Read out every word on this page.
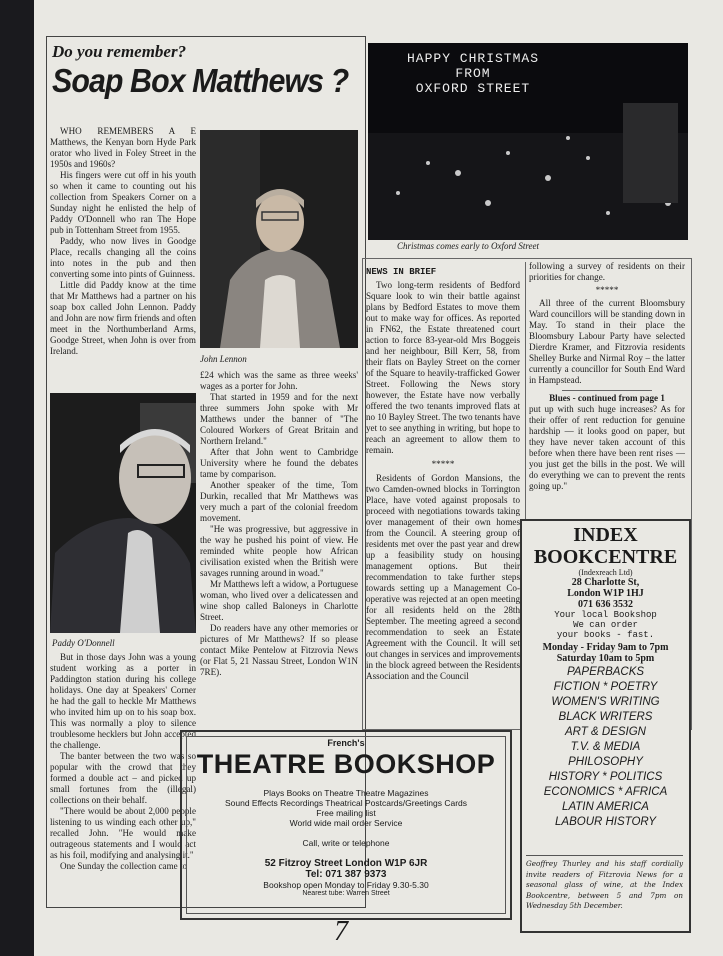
Do you remember?
Soap Box Matthews ?

WHO REMEMBERS A E Matthews, the Kenyan born Hyde Park orator who lived in Foley Street in the 1950s and 1960s?

His fingers were cut off in his youth so when it came to counting out his collection from Speakers Corner on a Sunday night he enlisted the help of Paddy O'Donnell who ran The Hope pub in Tottenham Street from 1955.

Paddy, who now lives in Goodge Place, recalls changing all the coins into notes in the pub and then converting some into pints of Guinness.

Little did Paddy know at the time that Mr Matthews had a partner on his soap box called John Lennon. Paddy and John are now firm friends and often meet in the Northumberland Arms, Goodge Street, when John is over from Ireland.

John Lennon
Paddy O'Donnell

But in those days John was a young student working as a porter in Paddington station during his college holidays. One day at Speakers' Corner he had the gall to heckle Mr Matthews who invited him up on to his soap box. This was normally a ploy to silence troublesome hecklers but John accepted the challenge.

The banter between the two was so popular with the crowd that they formed a double act – and picked up small fortunes from the (illegal) collections on their behalf.

"There would be about 2,000 people listening to us winding each other up," recalled John. "He would make outrageous statements and I would act as his foil, modifying and analysing it."

One Sunday the collection came to

£24 which was the same as three weeks' wages as a porter for John.

That started in 1959 and for the next three summers John spoke with Mr Matthews under the banner of "The Coloured Workers of Great Britain and Northern Ireland."

After that John went to Cambridge University where he found the debates tame by comparison.

Another speaker of the time, Tom Durkin, recalled that Mr Matthews was very much a part of the colonial freedom movement.

"He was progressive, but aggressive in the way he pushed his point of view. He reminded white people how African civilisation existed when the British were savages running around in woad."

Mr Matthews left a widow, a Portuguese woman, who lived over a delicatessen and wine shop called Baloneys in Charlotte Street.

Do readers have any other memories or pictures of Mr Matthews? If so please contact Mike Pentelow at Fitzrovia News (or Flat 5, 21 Nassau Street, London W1N 7RE).

HAPPY CHRISTMAS
FROM
OXFORD STREET
Christmas comes early to Oxford Street
NEWS IN BRIEF

Two long-term residents of Bedford Square look to win their battle against plans by Bedford Estates to move them out to make way for offices. As reported in FN62, the Estate threatened court action to force 83-year-old Mrs Boggeis and her neighbour, Bill Kerr, 58, from their flats on Bayley Street on the corner of the Square to heavily-trafficked Gower Street. Following the News story however, the Estate have now verbally offered the two tenants improved flats at no 10 Bayley Street. The two tenants have yet to see anything in writing, but hope to reach an agreement to allow them to remain.

*****

Residents of Gordon Mansions, the two Camden-owned blocks in Torrington Place, have voted against proposals to proceed with negotiations towards taking over management of their own homes from the Council. A steering group of residents met over the past year and drew up a feasibility study on housing management options. But their recommendation to take further steps towards setting up a Management Co-operative was rejected at an open meeting for all residents held on the 28th September. The meeting agreed a second recommendation to seek an Estate Agreement with the Council. It will set out changes in services and improvements in the block agreed between the Residents Association and the Council

following a survey of residents on their priorities for change.

*****

All three of the current Bloomsbury Ward councillors will be standing down in May. To stand in their place the Bloomsbury Labour Party have selected Dierdre Kramer, and Fitzrovia residents Shelley Burke and Nirmal Roy – the latter currently a councillor for South End Ward in Hampstead.

Blues - continued from page 1

put up with such huge increases? As for their offer of rent reduction for genuine hardship — it looks good on paper, but they have never taken account of this before when there have been rent rises — you just get the bills in the post. We will do everything we can to prevent the rents going up."

INDEX
BOOKCENTRE
(Indexreach Ltd)
28 Charlotte St,
London W1P 1HJ
071 636 3532
Your local Bookshop
We can order
your books - fast.
Monday - Friday 9am to 7pm
Saturday 10am to 5pm
PAPERBACKS
FICTION * POETRY
WOMEN'S WRITING
BLACK WRITERS
ART & DESIGN
T.V. & MEDIA
PHILOSOPHY
HISTORY * POLITICS
ECONOMICS * AFRICA
LATIN AMERICA
LABOUR HISTORY
Geoffrey Thurley and his staff cordially invite readers of Fitzrovia News for a seasonal glass of wine, at the Index Bookcentre, between 5 and 7pm on Wednesday 5th December.
French's
THEATRE BOOKSHOP
Plays Books on Theatre Theatre Magazines
Sound Effects Recordings Theatrical Postcards/Greetings Cards
Free mailing list
World wide mail order Service
Call, write or telephone
52 Fitzroy Street London W1P 6JR
Tel: 071 387 9373
Bookshop open Monday to Friday 9.30-5.30
Nearest tube: Warren Street
7
